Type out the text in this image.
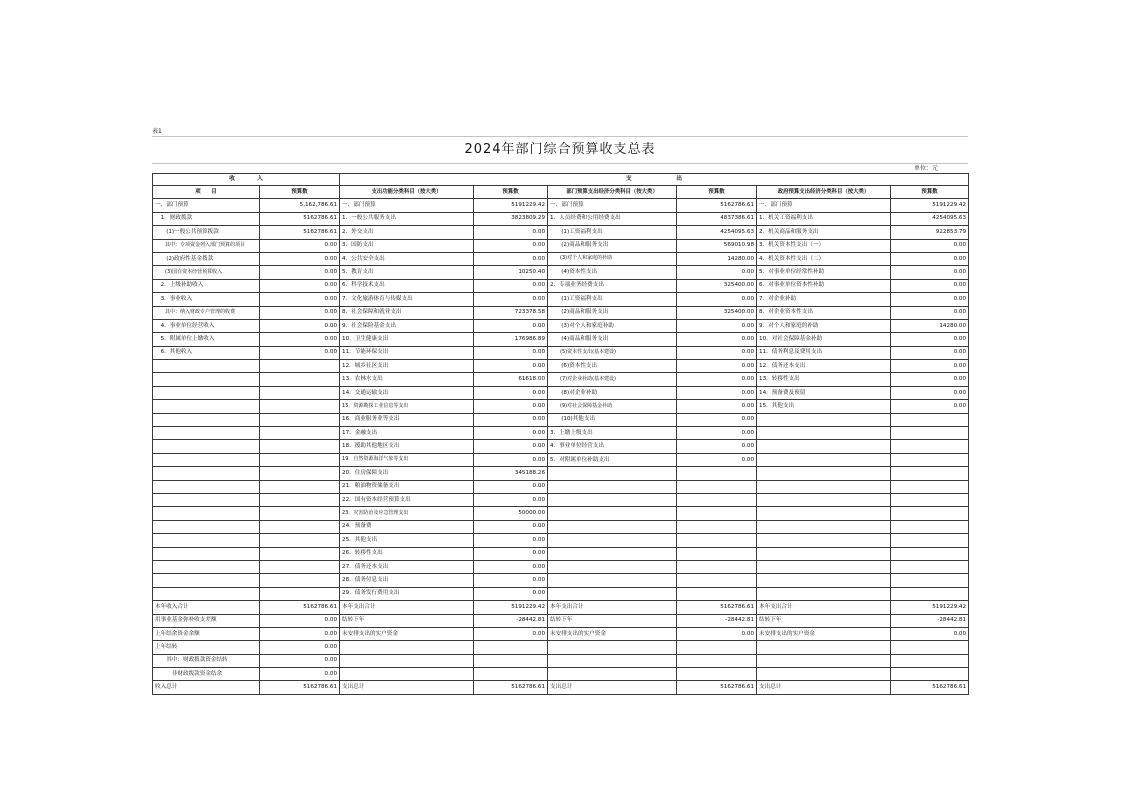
表1
2024年部门综合预算收支总表
单位：元
收　　　　入		支　　　　　　　　出					
项　　目	预算数	支出功能分类科目（按大类）	预算数	部门预算支出经济分类科目（按大类）	预算数	政府预算支出经济分类科目（按大类）	预算数
一、部门预算	5,162,786.61	一、部门预算	5191229.42	一、部门预算	5162786.61	一、部门预算	5191229.42
　1．财政拨款	5162786.61	1．一般公共服务支出	3823809.29	1．人员经费和公用经费支出	4837386.61	1．机关工资福利支出	4254095.63
　　(1)一般公共预算拨款	5162786.61	2．外交支出	0.00	　　(1)工资福利支出	4254095.63	2．机关商品和服务支出	922853.79
　　其中：专项资金列入部门预算的项目	0.00	3．国防支出	0.00	　　(2)商品和服务支出	569010.98	3．机关资本性支出（一）	0.00
　　(2)政府性基金拨款	0.00	4．公共安全支出	0.00	　　(3)对个人和家庭的补助	14280.00	4．机关资本性支出（二）	0.00
　　(3)国有资本经营预算收入	0.00	5．教育支出	10250.40	　　(4)资本性支出	0.00	5．对事业单位经常性补助	0.00
　2．上级补助收入	0.00	6．科学技术支出	0.00	2．专项业务经费支出	325400.00	6．对事业单位资本性补助	0.00
　3．事业收入	0.00	7．文化旅游体育与传媒支出	0.00	　　(1)工资福利支出	0.00	7．对企业补助	0.00
　　其中：纳入财政专户管理的收费	0.00	8．社会保障和就业支出	723378.58	　　(2)商品和服务支出	325400.00	8．对企业资本性支出	0.00
　4．事业单位经营收入	0.00	9．社会保险基金支出	0.00	　　(3)对个人和家庭补助	0.00	9．对个人和家庭的补助	14280.00
　5．附属单位上缴收入	0.00	10．卫生健康支出	176986.89	　　(4)商品和服务支出	0.00	10．对社会保障基金补助	0.00
　6．其他收入	0.00	11．节能环保支出	0.00	　　(5)资本性支出(基本建设)	0.00	11．债务利息及费用支出	0.00
		12．城乡社区支出	0.00	　　(6)资本性支出	0.00	12．债务还本支出	0.00
		13．农林水支出	61618.00	　　(7)对企业补助(基本建设)	0.00	13．转移性支出	0.00
		14．交通运输支出	0.00	　　(8)对企业补助	0.00	14．预备费及预留	0.00
		15．资源勘探工业信息等支出	0.00	　　(9)对社会保障基金补助	0.00	15．其他支出	0.00
		16．商业服务业等支出	0.00	　　(10)其他支出	0.00		
		17．金融支出	0.00	3．上缴上级支出	0.00		
		18．援助其他地区支出	0.00	4．事业单位经营支出	0.00		
		19．自然资源海洋气象等支出	0.00	5．对附属单位补助支出	0.00		
		20．住房保障支出	345188.26				
		21．粮油物资储备支出	0.00				
		22．国有资本经营预算支出	0.00				
		23．灾害防治及应急管理支出	50000.00				
		24．预备费	0.00				
		25．其他支出	0.00				
		26．转移性支出	0.00				
		27．债务还本支出	0.00				
		28．债务付息支出	0.00				
		29．债务发行费用支出	0.00				
本年收入合计	5162786.61	本年支出合计	5191229.42	本年支出合计	5162786.61	本年支出合计	5191229.42
用事业基金弥补收支差额	0.00	结转下年	-28442.81	结转下年	-28442.81	结转下年	-28442.81
上年结余资金余额	0.00	未安排支出的实户资金	0.00	未安排支出的实户资金	0.00	未安排支出的实户资金	0.00
上年结转	0.00						
　　其中：财政拨款资金结转	0.00						
　　　非财政拨款资金结余	0.00						
收入总计	5162786.61	支出总计	5162786.61	支出总计	5162786.61	支出总计	5162786.61
